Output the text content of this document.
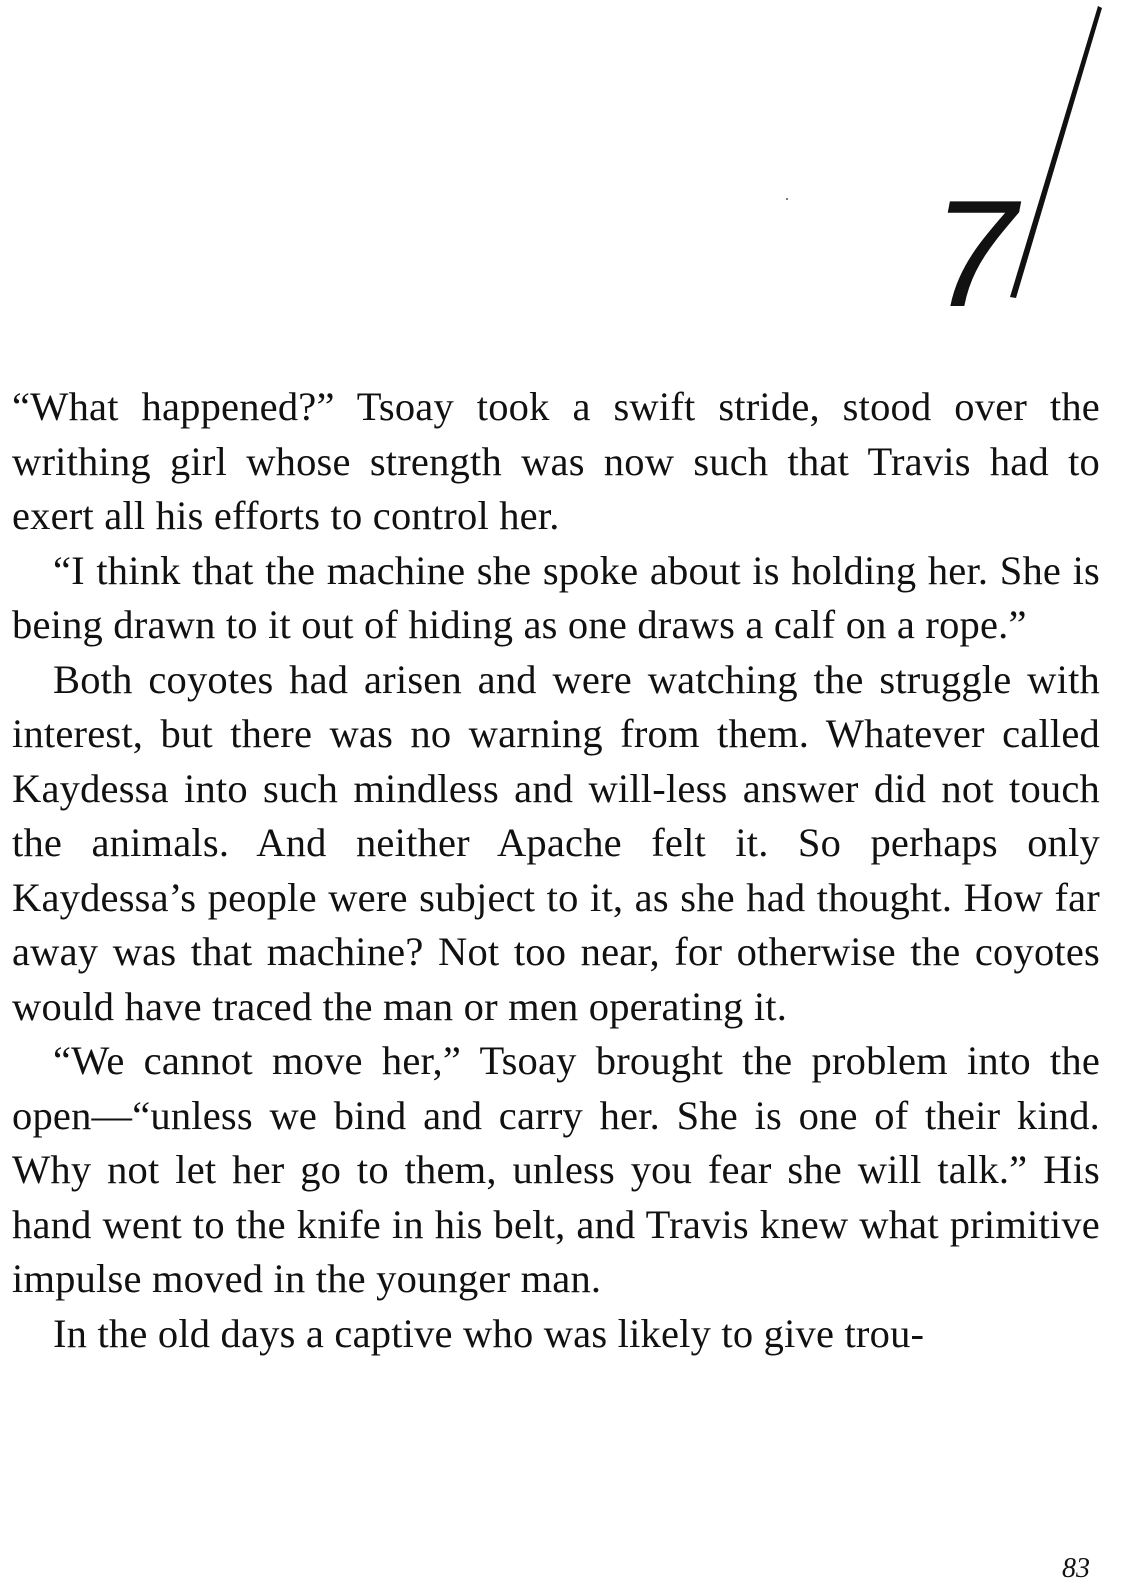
7

“What happened?” Tsoay took a swift stride, stood over the writhing girl whose strength was now such that Travis had to exert all his efforts to control her.

“I think that the machine she spoke about is holding her. She is being drawn to it out of hiding as one draws a calf on a rope.”

Both coyotes had arisen and were watching the struggle with interest, but there was no warning from them. Whatever called Kaydessa into such mindless and will-less answer did not touch the animals. And neither Apache felt it. So perhaps only Kaydessa’s people were subject to it, as she had thought. How far away was that machine? Not too near, for otherwise the coyotes would have traced the man or men operating it.

“We cannot move her,” Tsoay brought the problem into the open—“unless we bind and carry her. She is one of their kind. Why not let her go to them, unless you fear she will talk.” His hand went to the knife in his belt, and Travis knew what primitive impulse moved in the younger man.

In the old days a captive who was likely to give trou-

83
